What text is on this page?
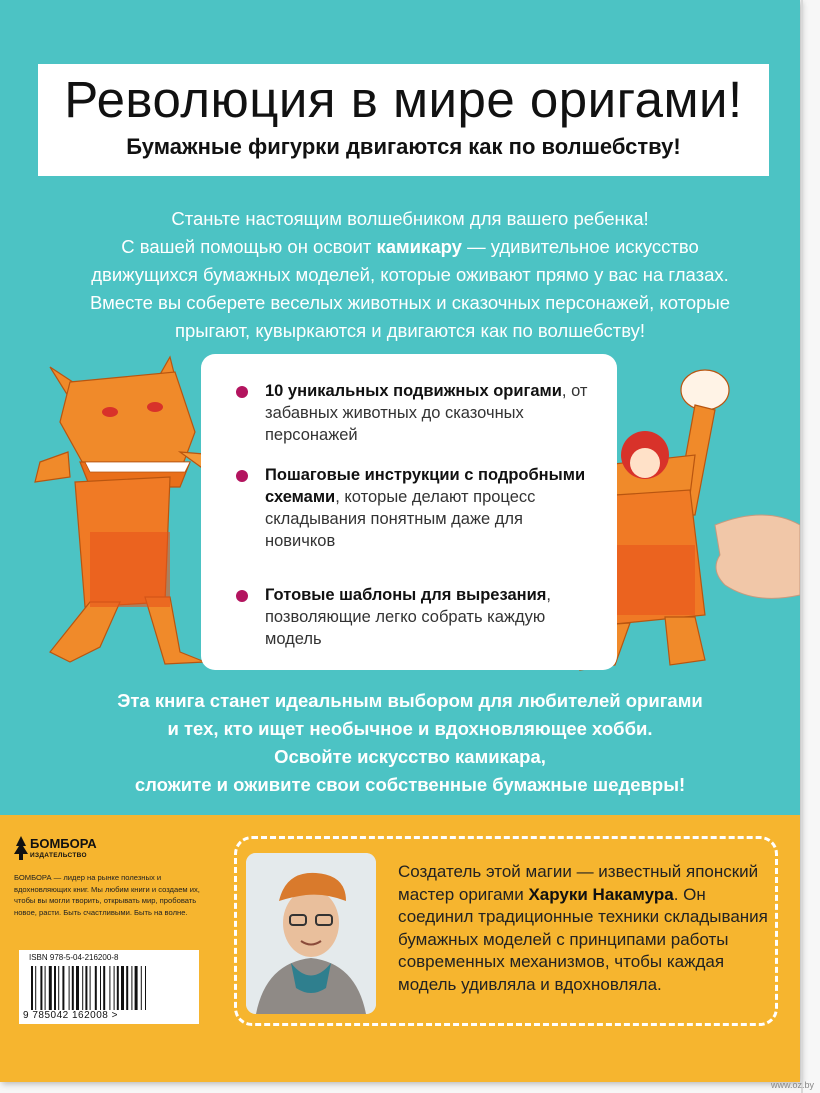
Революция в мире оригами!
Бумажные фигурки двигаются как по волшебству!
Станьте настоящим волшебником для вашего ребенка!
С вашей помощью он освоит камикару — удивительное искусство
движущихся бумажных моделей, которые оживают прямо у вас на глазах.
Вместе вы соберете веселых животных и сказочных персонажей, которые
прыгают, кувыркаются и двигаются как по волшебству!
10 уникальных подвижных оригами, от забавных животных до сказочных персонажей
Пошаговые инструкции с подробными схемами, которые делают процесс складывания понятным даже для новичков
Готовые шаблоны для вырезания, позволяющие легко собрать каждую модель
Эта книга станет идеальным выбором для любителей оригами
и тех, кто ищет необычное и вдохновляющее хобби.
Освойте искусство камикара,
сложите и оживите свои собственные бумажные шедевры!
БОМБОРА
ИЗДАТЕЛЬСТВО
БОМБОРА — лидер на рынке полезных и вдохновляющих книг. Мы любим книги и создаем их, чтобы вы могли творить, открывать мир, пробовать новое, расти. Быть счастливыми. Быть на волне.
ISBN 978-5-04-216200-8
9 785042 162008 >
Создатель этой магии — известный японский мастер оригами Харуки Накамура. Он соединил традиционные техники складывания бумажных моделей с принципами работы современных механизмов, чтобы каждая модель удивляла и вдохновляла.
www.oz.by
